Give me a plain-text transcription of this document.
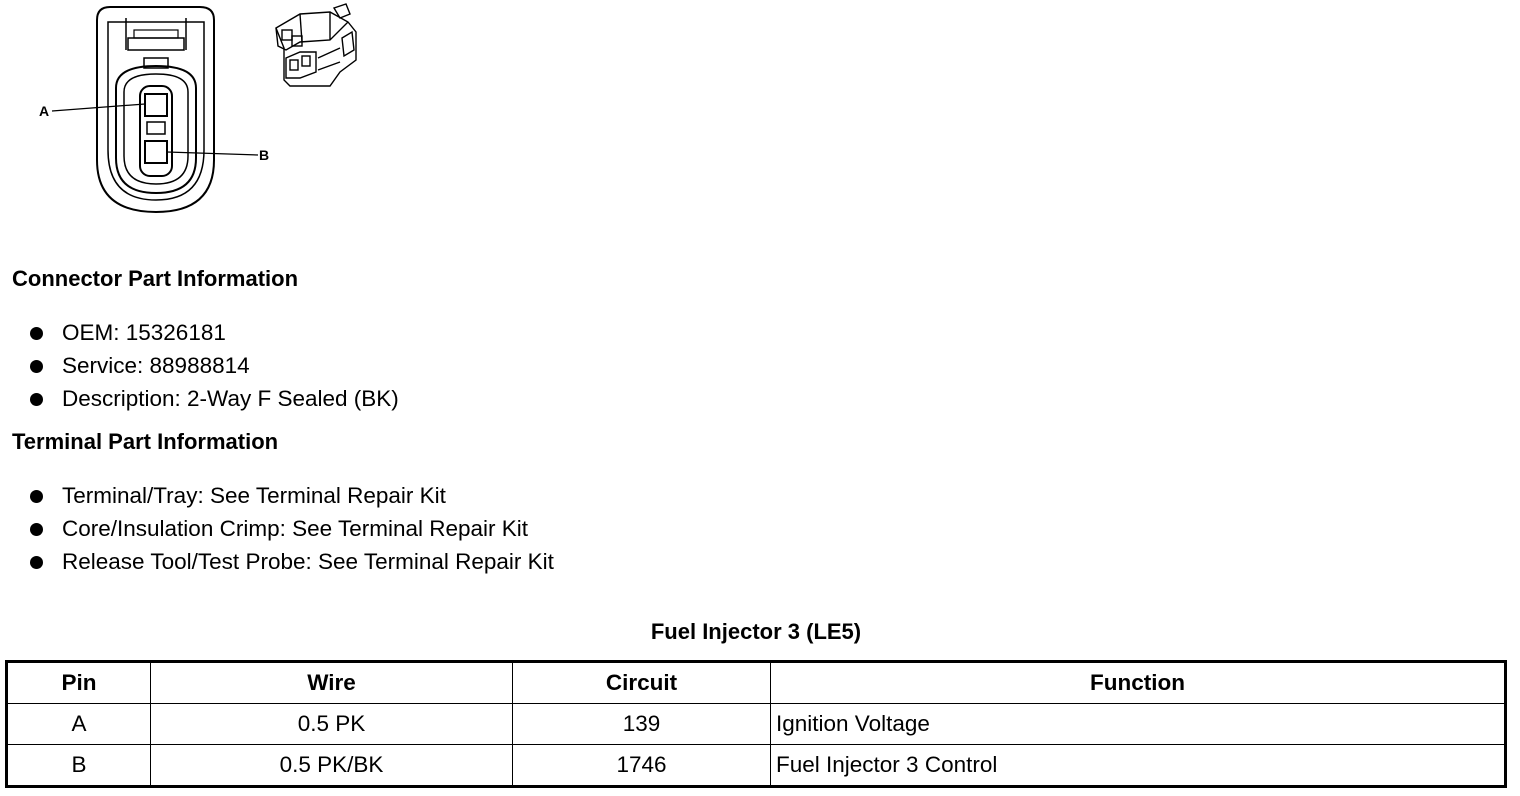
A
B
Connector Part Information
OEM: 15326181
Service: 88988814
Description: 2-Way F Sealed (BK)
Terminal Part Information
Terminal/Tray: See Terminal Repair Kit
Core/Insulation Crimp: See Terminal Repair Kit
Release Tool/Test Probe: See Terminal Repair Kit
Fuel Injector 3 (LE5)
Pin	Wire	Circuit	Function
A	0.5 PK	139	Ignition Voltage
B	0.5 PK/BK	1746	Fuel Injector 3 Control
